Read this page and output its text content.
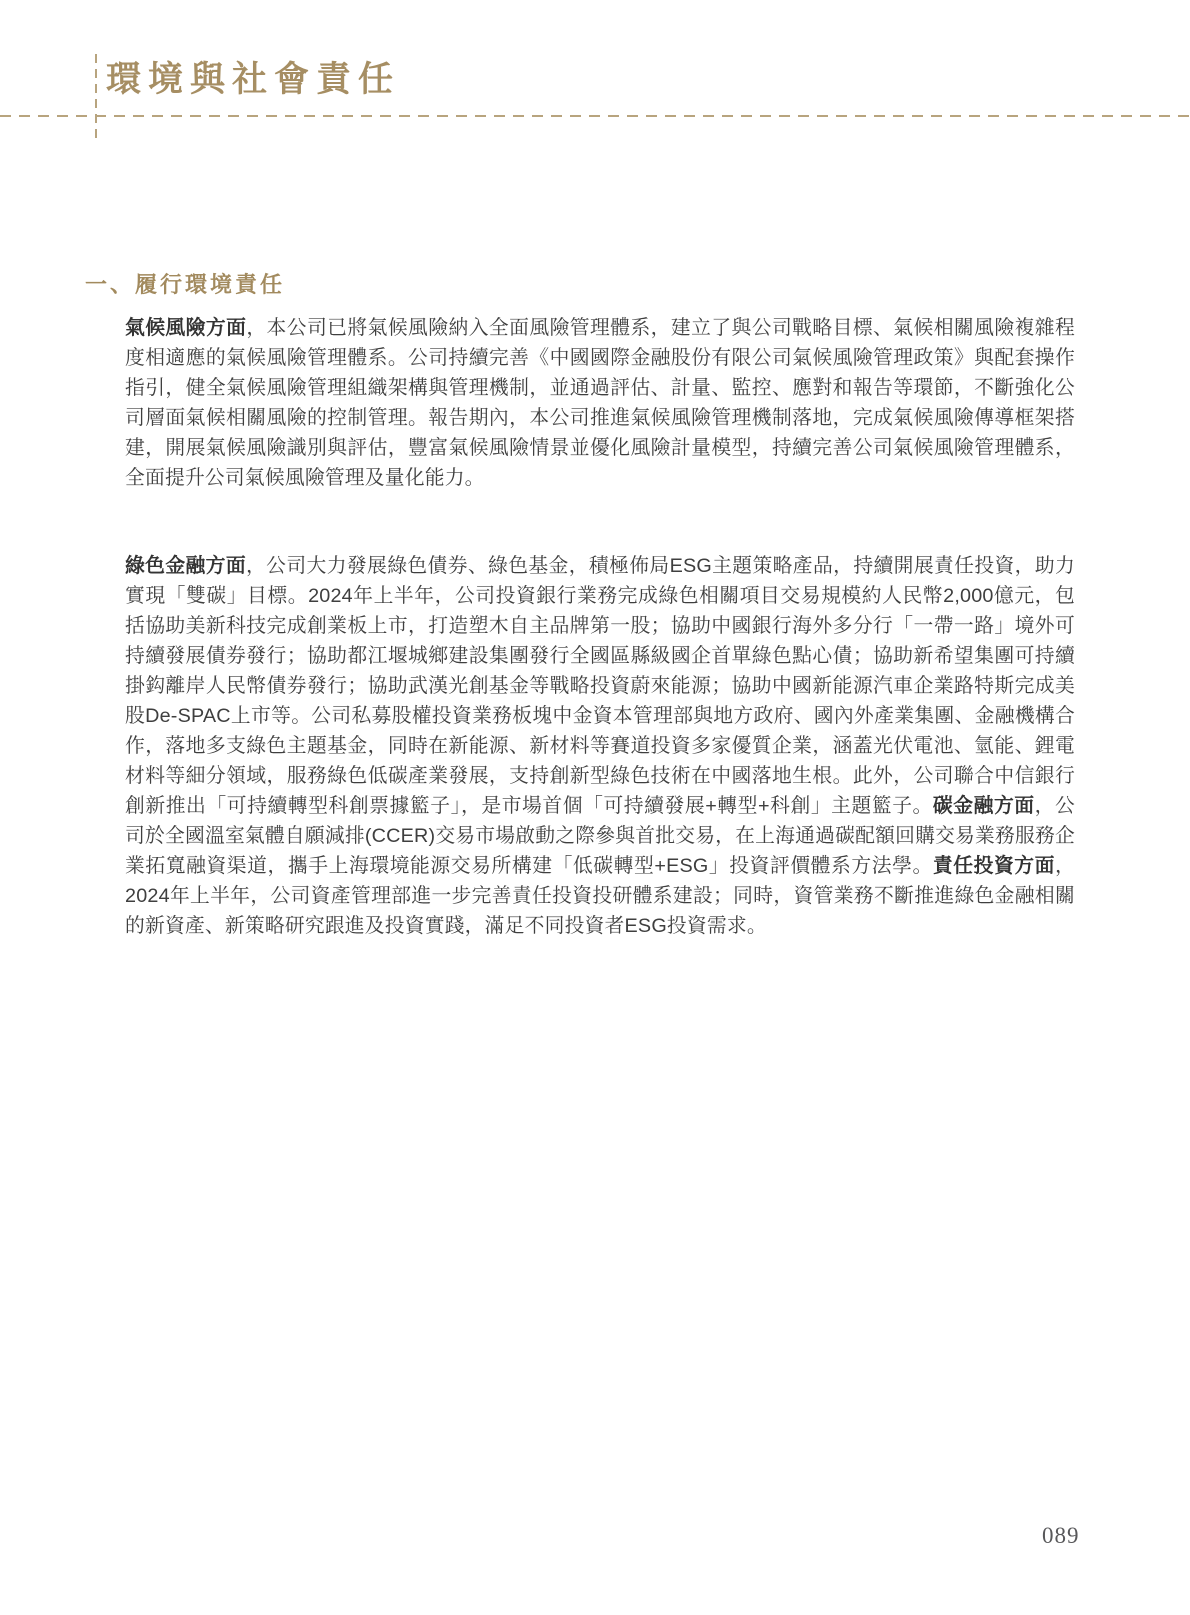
環境與社會責任
一、履行環境責任

氣候風險方面，本公司已將氣候風險納入全面風險管理體系，建立了與公司戰略目標、氣候相關風險複雜程度相適應的氣候風險管理體系。公司持續完善《中國國際金融股份有限公司氣候風險管理政策》與配套操作指引，健全氣候風險管理組織架構與管理機制，並通過評估、計量、監控、應對和報告等環節，不斷強化公司層面氣候相關風險的控制管理。報告期內，本公司推進氣候風險管理機制落地，完成氣候風險傳導框架搭建，開展氣候風險識別與評估，豐富氣候風險情景並優化風險計量模型，持續完善公司氣候風險管理體系，全面提升公司氣候風險管理及量化能力。

綠色金融方面，公司大力發展綠色債券、綠色基金，積極佈局ESG主題策略產品，持續開展責任投資，助力實現「雙碳」目標。2024年上半年，公司投資銀行業務完成綠色相關項目交易規模約人民幣2,000億元，包括協助美新科技完成創業板上市，打造塑木自主品牌第一股；協助中國銀行海外多分行「一帶一路」境外可持續發展債券發行；協助都江堰城鄉建設集團發行全國區縣級國企首單綠色點心債；協助新希望集團可持續掛鈎離岸人民幣債券發行；協助武漢光創基金等戰略投資蔚來能源；協助中國新能源汽車企業路特斯完成美股De-SPAC上市等。公司私募股權投資業務板塊中金資本管理部與地方政府、國內外產業集團、金融機構合作，落地多支綠色主題基金，同時在新能源、新材料等賽道投資多家優質企業，涵蓋光伏電池、氫能、鋰電材料等細分領域，服務綠色低碳產業發展，支持創新型綠色技術在中國落地生根。此外，公司聯合中信銀行創新推出「可持續轉型科創票據籃子」，是市場首個「可持續發展+轉型+科創」主題籃子。碳金融方面，公司於全國溫室氣體自願減排(CCER)交易市場啟動之際參與首批交易，在上海通過碳配額回購交易業務服務企業拓寬融資渠道，攜手上海環境能源交易所構建「低碳轉型+ESG」投資評價體系方法學。責任投資方面，2024年上半年，公司資產管理部進一步完善責任投資投研體系建設；同時，資管業務不斷推進綠色金融相關的新資產、新策略研究跟進及投資實踐，滿足不同投資者ESG投資需求。

089
